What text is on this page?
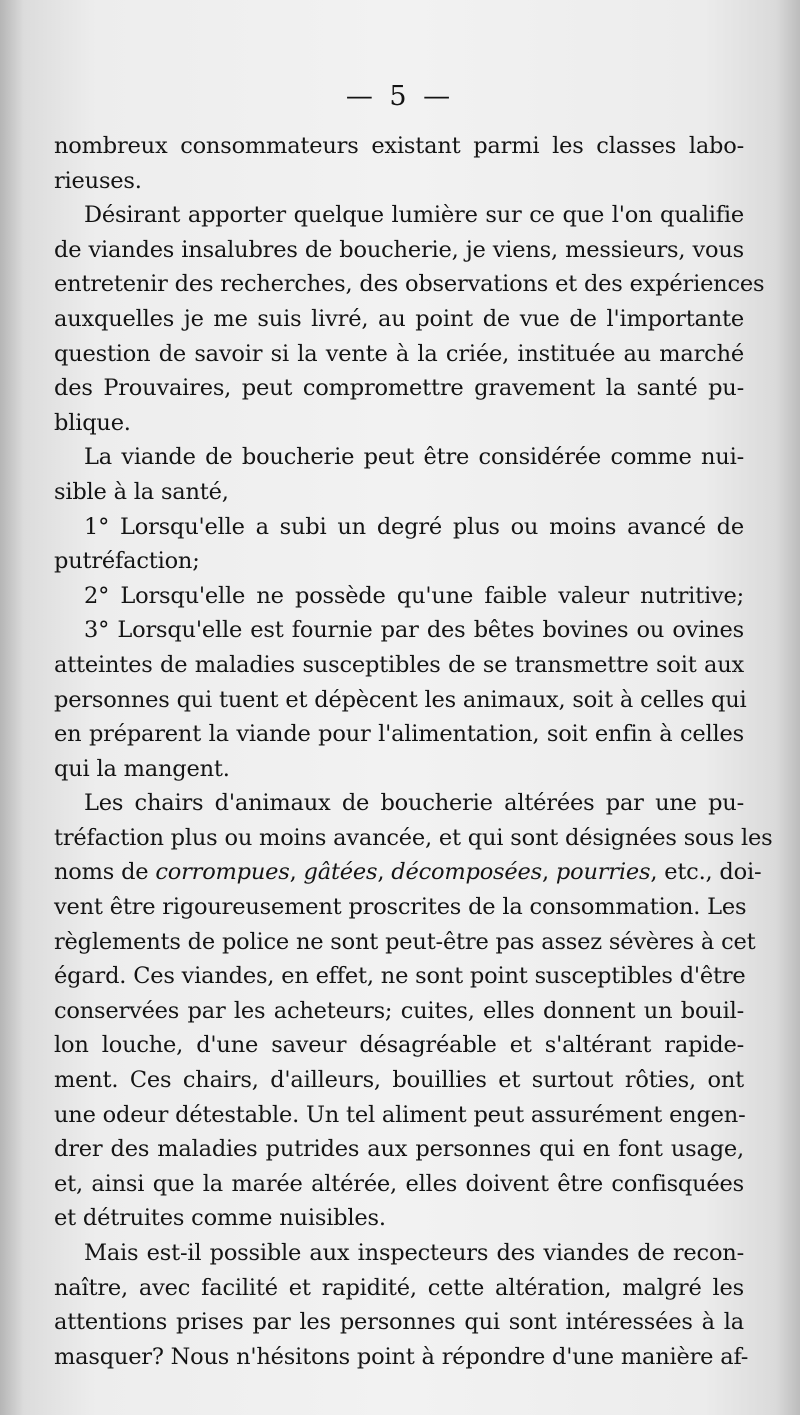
— 5 —
nombreux consommateurs existant parmi les classes labo-
rieuses.
Désirant apporter quelque lumière sur ce que l'on qualifie
de viandes insalubres de boucherie, je viens, messieurs, vous
entretenir des recherches, des observations et des expériences
auxquelles je me suis livré, au point de vue de l'importante
question de savoir si la vente à la criée, instituée au marché
des Prouvaires, peut compromettre gravement la santé pu-
blique.
La viande de boucherie peut être considérée comme nui-
sible à la santé,
1° Lorsqu'elle a subi un degré plus ou moins avancé de
putréfaction;
2° Lorsqu'elle ne possède qu'une faible valeur nutritive;
3° Lorsqu'elle est fournie par des bêtes bovines ou ovines
atteintes de maladies susceptibles de se transmettre soit aux
personnes qui tuent et dépècent les animaux, soit à celles qui
en préparent la viande pour l'alimentation, soit enfin à celles
qui la mangent.
Les chairs d'animaux de boucherie altérées par une pu-
tréfaction plus ou moins avancée, et qui sont désignées sous les
noms de corrompues, gâtées, décomposées, pourries, etc., doi-
vent être rigoureusement proscrites de la consommation. Les
règlements de police ne sont peut-être pas assez sévères à cet
égard. Ces viandes, en effet, ne sont point susceptibles d'être
conservées par les acheteurs; cuites, elles donnent un bouil-
lon louche, d'une saveur désagréable et s'altérant rapide-
ment. Ces chairs, d'ailleurs, bouillies et surtout rôties, ont
une odeur détestable. Un tel aliment peut assurément engen-
drer des maladies putrides aux personnes qui en font usage,
et, ainsi que la marée altérée, elles doivent être confisquées
et détruites comme nuisibles.
Mais est-il possible aux inspecteurs des viandes de recon-
naître, avec facilité et rapidité, cette altération, malgré les
attentions prises par les personnes qui sont intéressées à la
masquer? Nous n'hésitons point à répondre d'une manière af-
